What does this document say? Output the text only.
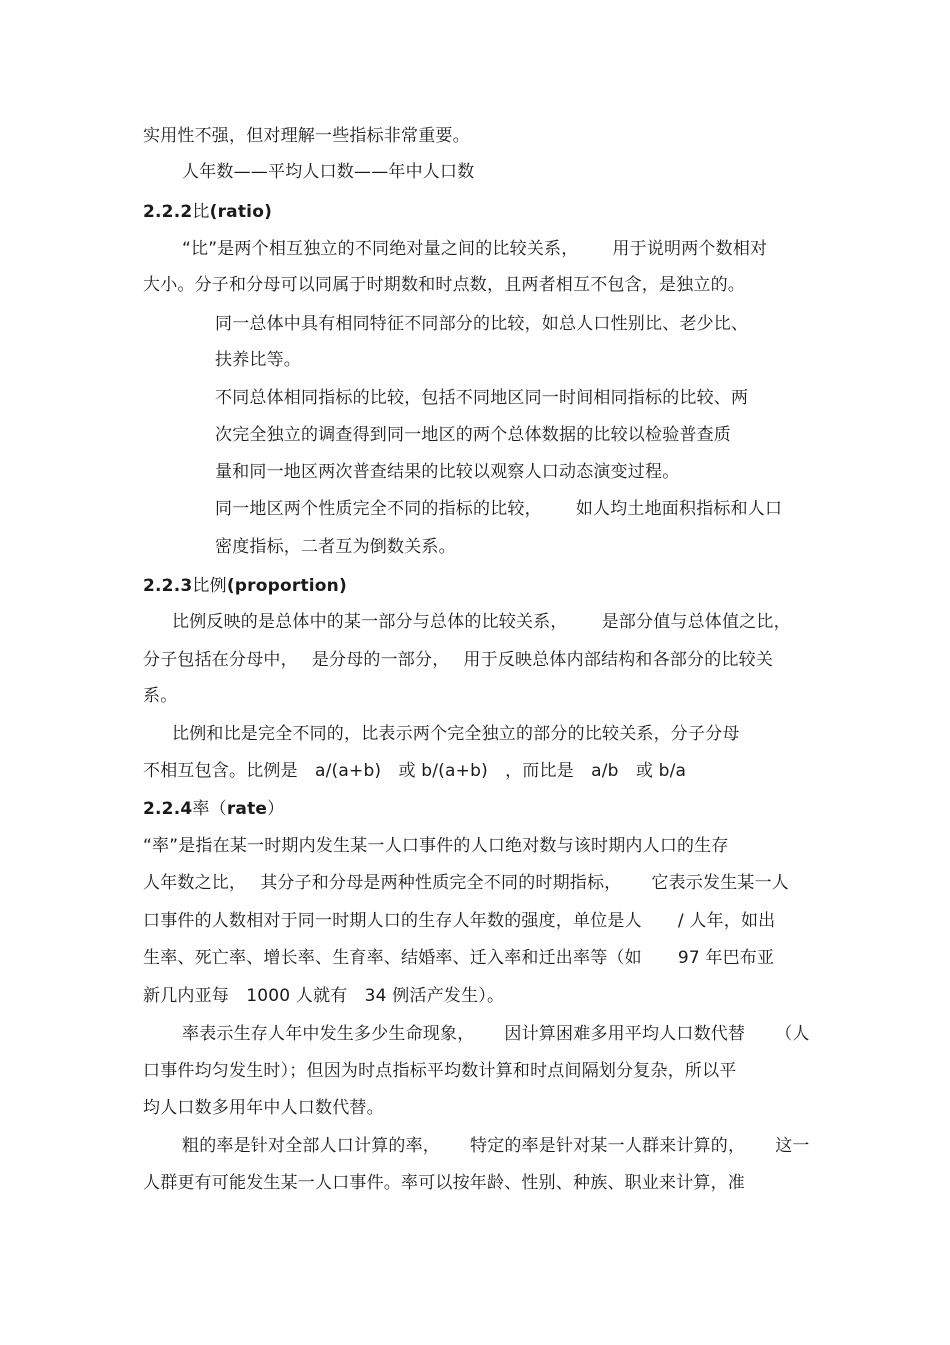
实用性不强，但对理解一些指标非常重要。
人年数——平均人口数——年中人口数
2.2.2比(ratio)
“比”是两个相互独立的不同绝对量之间的比较关系， 用于说明两个数相对
大小。分子和分母可以同属于时期数和时点数，且两者相互不包含，是独立的。
同一总体中具有相同特征不同部分的比较，如总人口性别比、老少比、
扶养比等。
不同总体相同指标的比较，包括不同地区同一时间相同指标的比较、两
次完全独立的调查得到同一地区的两个总体数据的比较以检验普查质
量和同一地区两次普查结果的比较以观察人口动态演变过程。
同一地区两个性质完全不同的指标的比较， 如人均土地面积指标和人口
密度指标，二者互为倒数关系。
2.2.3比例(proportion)
比例反映的是总体中的某一部分与总体的比较关系， 是部分值与总体值之比，
分子包括在分母中， 是分母的一部分， 用于反映总体内部结构和各部分的比较关
系。
比例和比是完全不同的，比表示两个完全独立的部分的比较关系，分子分母
不相互包含。比例是　a/(a+b)　或 b/(a+b)　，而比是　a/b　或 b/a
2.2.4率（rate）
“率”是指在某一时期内发生某一人口事件的人口绝对数与该时期内人口的生存
人年数之比， 其分子和分母是两种性质完全不同的时期指标， 它表示发生某一人
口事件的人数相对于同一时期人口的生存人年数的强度，单位是人 / 人年，如出
生率、死亡率、增长率、生育率、结婚率、迁入率和迁出率等（如 97 年巴布亚
新几内亚每　1000 人就有　34 例活产发生）。
率表示生存人年中发生多少生命现象， 因计算困难多用平均人口数代替 （人
口事件均匀发生时）；但因为时点指标平均数计算和时点间隔划分复杂，所以平
均人口数多用年中人口数代替。
粗的率是针对全部人口计算的率， 特定的率是针对某一人群来计算的， 这一
人群更有可能发生某一人口事件。率可以按年龄、性别、种族、职业来计算，准
